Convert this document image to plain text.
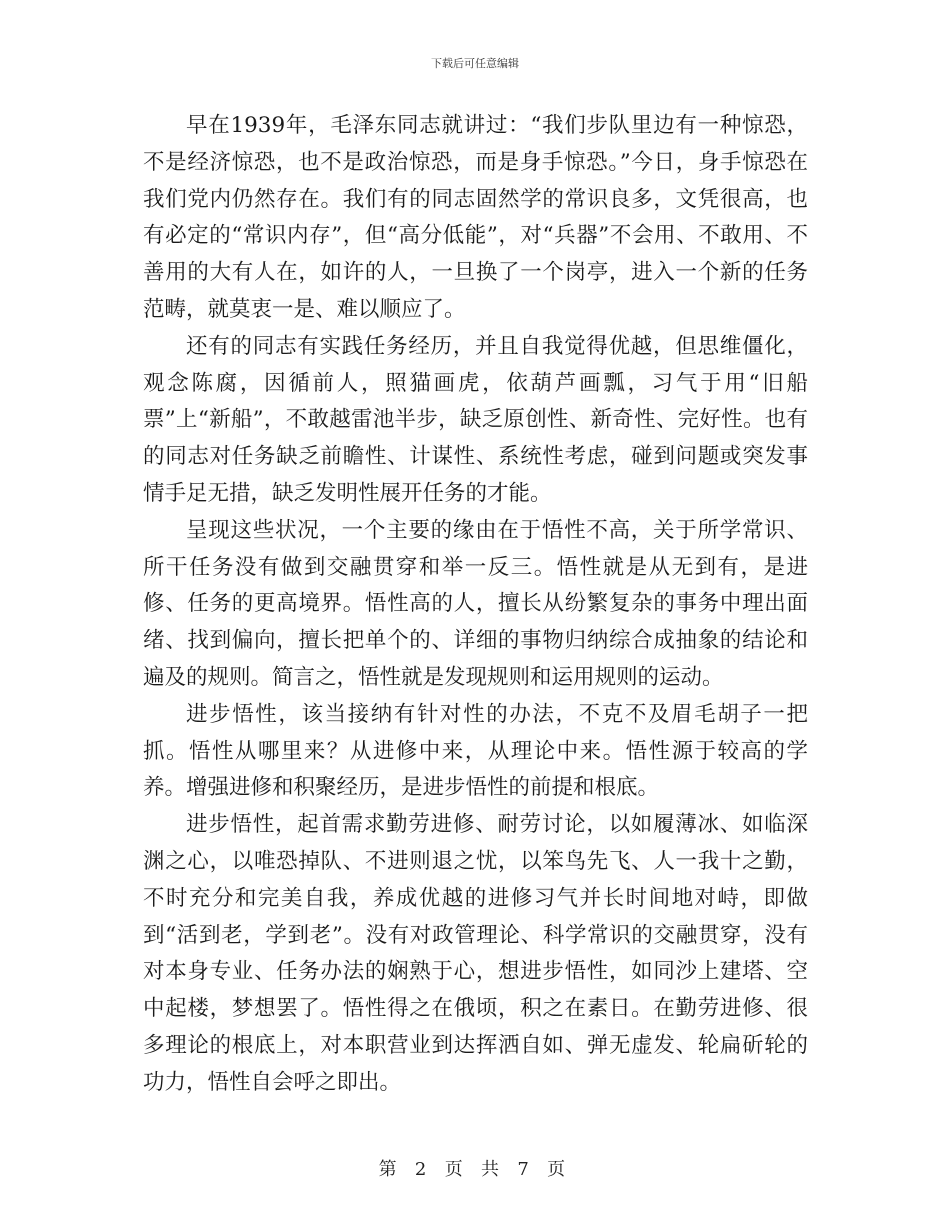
下载后可任意编辑

早在1939年，毛泽东同志就讲过：“我们步队里边有一种惊恐，不是经济惊恐，也不是政治惊恐，而是身手惊恐。”今日，身手惊恐在我们党内仍然存在。我们有的同志固然学的常识良多，文凭很高，也有必定的“常识内存”，但“高分低能”，对“兵器”不会用、不敢用、不善用的大有人在，如许的人，一旦换了一个岗亭，进入一个新的任务范畴，就莫衷一是、难以顺应了。

还有的同志有实践任务经历，并且自我觉得优越，但思维僵化，观念陈腐，因循前人，照猫画虎，依葫芦画瓢，习气于用“旧船票”上“新船”，不敢越雷池半步，缺乏原创性、新奇性、完好性。也有的同志对任务缺乏前瞻性、计谋性、系统性考虑，碰到问题或突发事情手足无措，缺乏发明性展开任务的才能。

呈现这些状况，一个主要的缘由在于悟性不高，关于所学常识、所干任务没有做到交融贯穿和举一反三。悟性就是从无到有，是进修、任务的更高境界。悟性高的人，擅长从纷繁复杂的事务中理出面绪、找到偏向，擅长把单个的、详细的事物归纳综合成抽象的结论和遍及的规则。简言之，悟性就是发现规则和运用规则的运动。

进步悟性，该当接纳有针对性的办法，不克不及眉毛胡子一把抓。悟性从哪里来？从进修中来，从理论中来。悟性源于较高的学养。增强进修和积聚经历，是进步悟性的前提和根底。

进步悟性，起首需求勤劳进修、耐劳讨论，以如履薄冰、如临深渊之心，以唯恐掉队、不进则退之忧，以笨鸟先飞、人一我十之勤，不时充分和完美自我，养成优越的进修习气并长时间地对峙，即做到“活到老，学到老”。没有对政管理论、科学常识的交融贯穿，没有对本身专业、任务办法的娴熟于心，想进步悟性，如同沙上建塔、空中起楼，梦想罢了。悟性得之在俄顷，积之在素日。在勤劳进修、很多理论的根底上，对本职营业到达挥洒自如、弹无虚发、轮扁斫轮的功力，悟性自会呼之即出。

第 2 页 共 7 页
